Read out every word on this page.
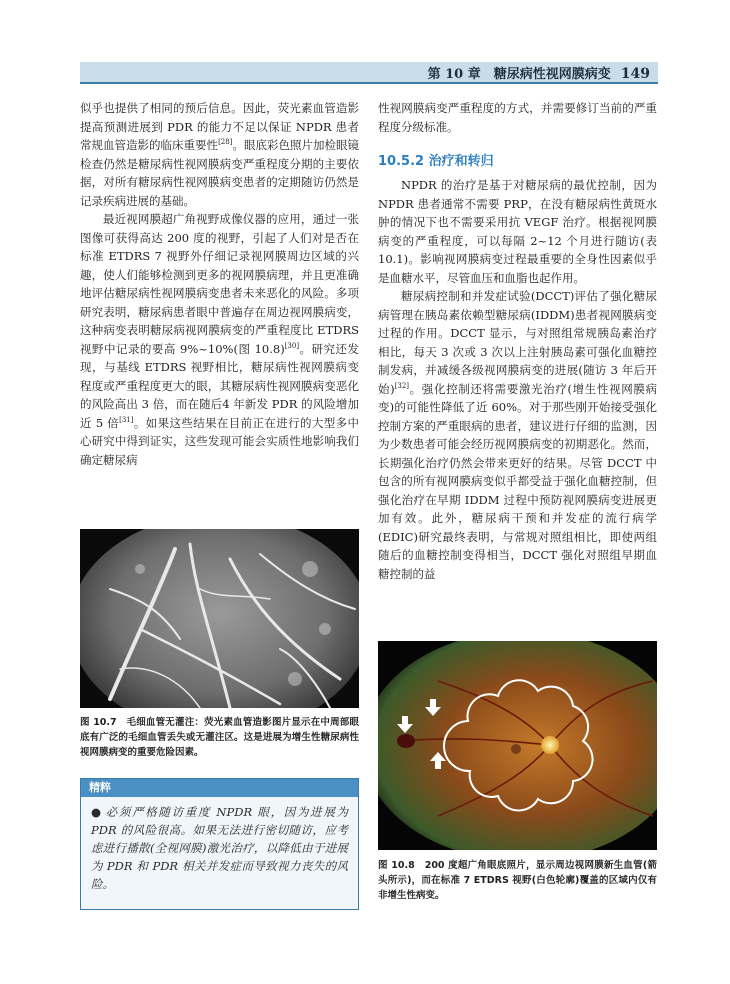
第 10 章　糖尿病性视网膜病变 149

似乎也提供了相同的预后信息。因此，荧光素血管造影提高预测进展到 PDR 的能力不足以保证 NPDR 患者常规血管造影的临床重要性[28]。眼底彩色照片加检眼镜检查仍然是糖尿病性视网膜病变严重程度分期的主要依据，对所有糖尿病性视网膜病变患者的定期随访仍然是记录疾病进展的基础。

最近视网膜超广角视野成像仪器的应用，通过一张图像可获得高达 200 度的视野，引起了人们对是否在标准 ETDRS 7 视野外仔细记录视网膜周边区域的兴趣，使人们能够检测到更多的视网膜病理，并且更准确地评估糖尿病性视网膜病变患者未来恶化的风险。多项研究表明，糖尿病患者眼中普遍存在周边视网膜病变，这种病变表明糖尿病视网膜病变的严重程度比 ETDRS 视野中记录的要高 9%~10%(图 10.8)[30]。研究还发现，与基线 ETDRS 视野相比，糖尿病性视网膜病变程度或严重程度更大的眼，其糖尿病性视网膜病变恶化的风险高出 3 倍，而在随后4 年新发 PDR 的风险增加近 5 倍[31]。如果这些结果在目前正在进行的大型多中心研究中得到证实，这些发现可能会实质性地影响我们确定糖尿病

性视网膜病变严重程度的方式，并需要修订当前的严重程度分级标准。

10.5.2 治疗和转归

NPDR 的治疗是基于对糖尿病的最优控制，因为 NPDR 患者通常不需要 PRP，在没有糖尿病性黄斑水肿的情况下也不需要采用抗 VEGF 治疗。根据视网膜病变的严重程度，可以每隔 2~12 个月进行随访(表 10.1)。影响视网膜病变过程最重要的全身性因素似乎是血糖水平，尽管血压和血脂也起作用。

糖尿病控制和并发症试验(DCCT)评估了强化糖尿病管理在胰岛素依赖型糖尿病(IDDM)患者视网膜病变过程的作用。DCCT 显示，与对照组常规胰岛素治疗相比，每天 3 次或 3 次以上注射胰岛素可强化血糖控制发病，并减缓各级视网膜病变的进展(随访 3 年后开始)[32]。强化控制还将需要激光治疗(增生性视网膜病变)的可能性降低了近 60%。对于那些刚开始接受强化控制方案的严重眼病的患者，建议进行仔细的监测，因为少数患者可能会经历视网膜病变的初期恶化。然而，长期强化治疗仍然会带来更好的结果。尽管 DCCT 中包含的所有视网膜病变似乎都受益于强化血糖控制，但强化治疗在早期 IDDM 过程中预防视网膜病变进展更加有效。此外，糖尿病干预和并发症的流行病学(EDIC)研究最终表明，与常规对照组相比，即使两组随后的血糖控制变得相当，DCCT 强化对照组早期血糖控制的益

图 10.7　毛细血管无灌注：荧光素血管造影图片显示在中周部眼底有广泛的毛细血管丢失或无灌注区。这是进展为增生性糖尿病性视网膜病变的重要危险因素。
精粹
● 必须严格随访重度 NPDR 眼，因为进展为 PDR 的风险很高。如果无法进行密切随访，应考虑进行播散(全视网膜)激光治疗，以降低由于进展为 PDR 和 PDR 相关并发症而导致视力丧失的风险。
图 10.8　200 度超广角眼底照片，显示周边视网膜新生血管(箭头所示)，而在标准 7 ETDRS 视野(白色轮廓)覆盖的区域内仅有非增生性病变。
